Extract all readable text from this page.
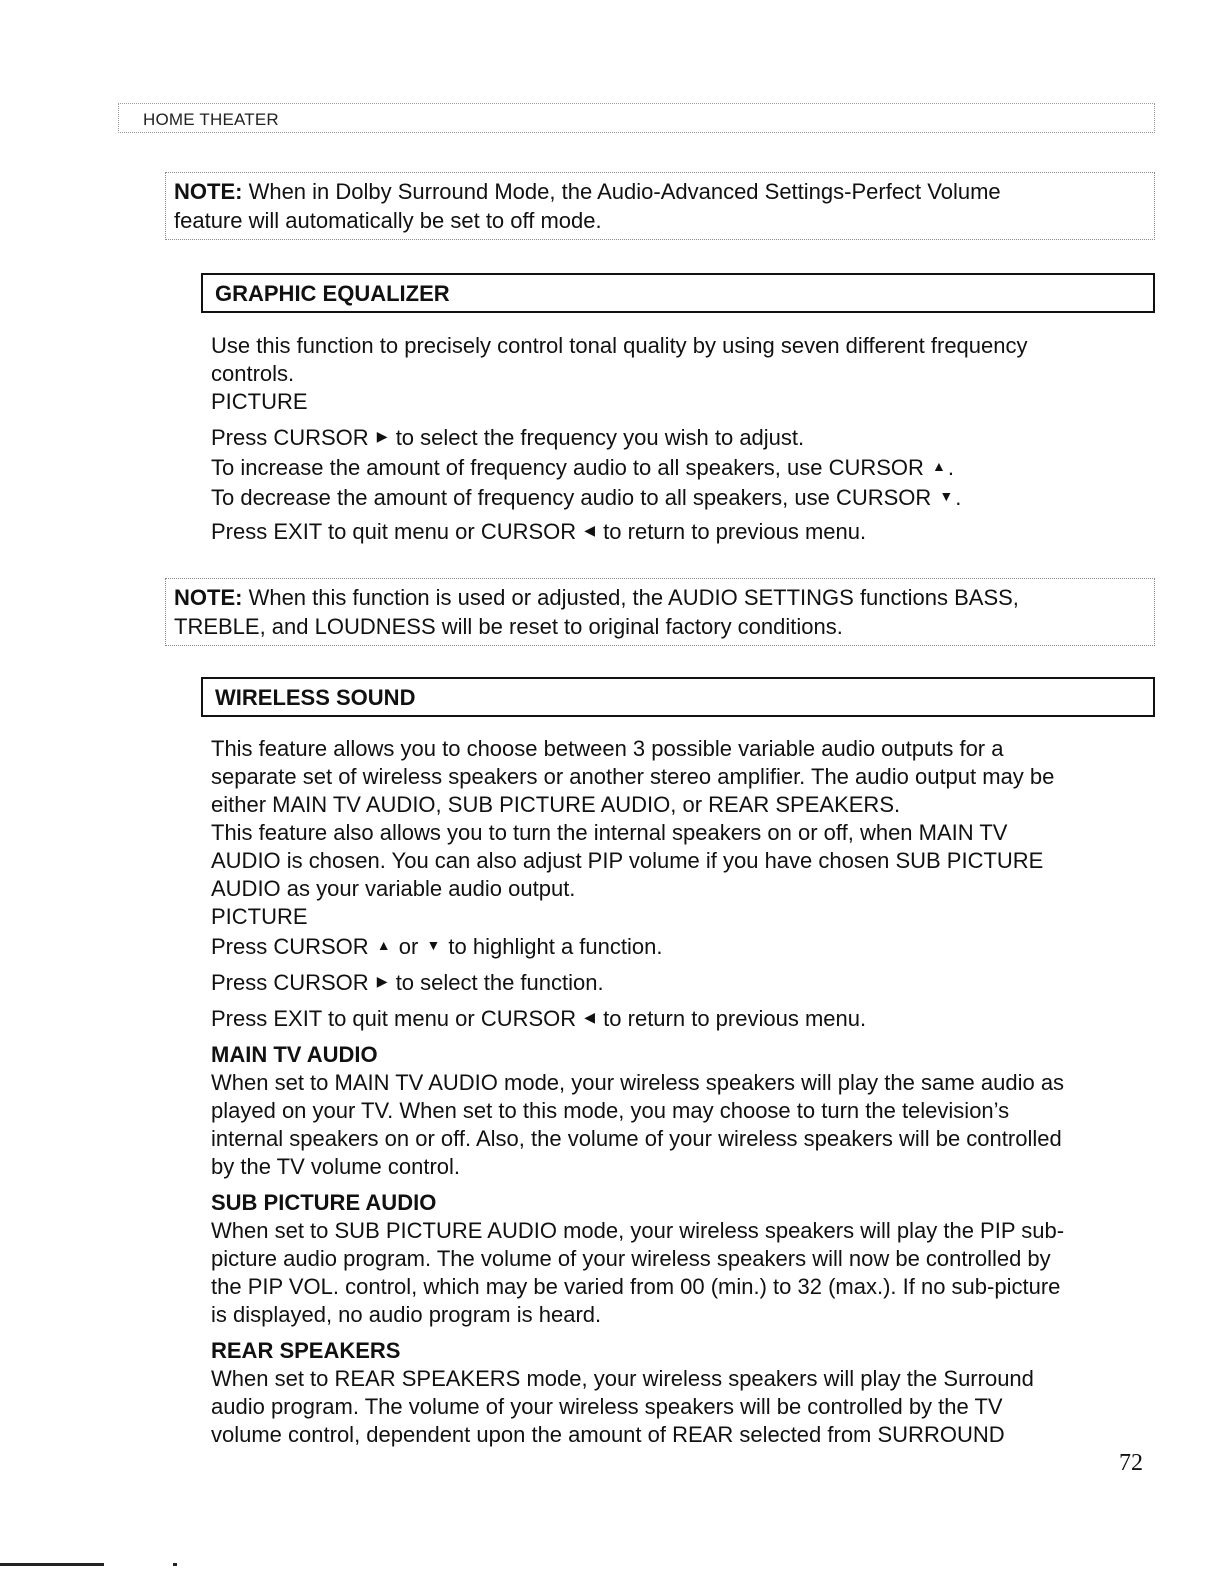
HOME THEATER
NOTE: When in Dolby Surround Mode, the Audio-Advanced Settings-Perfect Volume
feature will automatically be set to off mode.
GRAPHIC EQUALIZER
Use this function to precisely control tonal quality by using seven different frequency
controls.
PICTURE
Press CURSOR ▶ to select the frequency you wish to adjust.
To increase the amount of frequency audio to all speakers, use CURSOR ▲.
To decrease the amount of frequency audio to all speakers, use CURSOR ▼.
Press EXIT to quit menu or CURSOR ◀ to return to previous menu.
NOTE: When this function is used or adjusted, the AUDIO SETTINGS functions BASS,
TREBLE, and LOUDNESS will be reset to original factory conditions.
WIRELESS SOUND
This feature allows you to choose between 3 possible variable audio outputs for a
separate set of wireless speakers or another stereo amplifier. The audio output may be
either MAIN TV AUDIO, SUB PICTURE AUDIO, or REAR SPEAKERS.
This feature also allows you to turn the internal speakers on or off, when MAIN TV
AUDIO is chosen. You can also adjust PIP volume if you have chosen SUB PICTURE
AUDIO as your variable audio output.
PICTURE
Press CURSOR ▲ or ▼ to highlight a function.
Press CURSOR ▶ to select the function.
Press EXIT to quit menu or CURSOR ◀ to return to previous menu.
MAIN TV AUDIO
When set to MAIN TV AUDIO mode, your wireless speakers will play the same audio as
played on your TV. When set to this mode, you may choose to turn the television’s
internal speakers on or off. Also, the volume of your wireless speakers will be controlled
by the TV volume control.
SUB PICTURE AUDIO
When set to SUB PICTURE AUDIO mode, your wireless speakers will play the PIP sub-
picture audio program. The volume of your wireless speakers will now be controlled by
the PIP VOL. control, which may be varied from 00 (min.) to 32 (max.). If no sub-picture
is displayed, no audio program is heard.
REAR SPEAKERS
When set to REAR SPEAKERS mode, your wireless speakers will play the Surround
audio program. The volume of your wireless speakers will be controlled by the TV
volume control, dependent upon the amount of REAR selected from SURROUND
72
